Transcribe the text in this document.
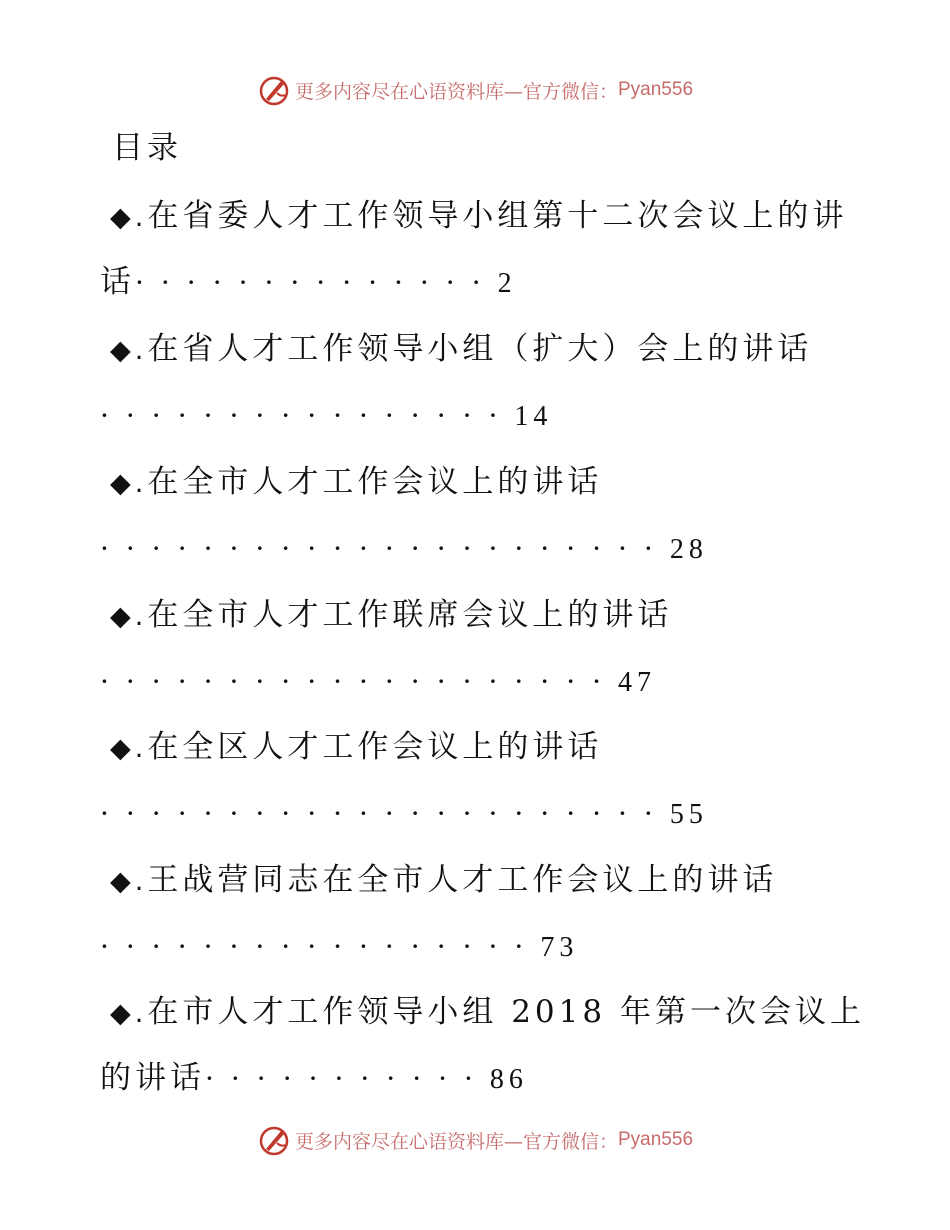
更多内容尽在心语资料库—官方微信： Pyan556
目录
◆.在省委人才工作领导小组第十二次会议上的讲
话··············2
◆.在省人才工作领导小组（扩大）会上的讲话
················14
◆.在全市人才工作会议上的讲话
······················28
◆.在全市人才工作联席会议上的讲话
····················47
◆.在全区人才工作会议上的讲话
······················55
◆.王战营同志在全市人才工作会议上的讲话
·················73
◆.在市人才工作领导小组 2018 年第一次会议上
的讲话···········86
更多内容尽在心语资料库—官方微信： Pyan556
